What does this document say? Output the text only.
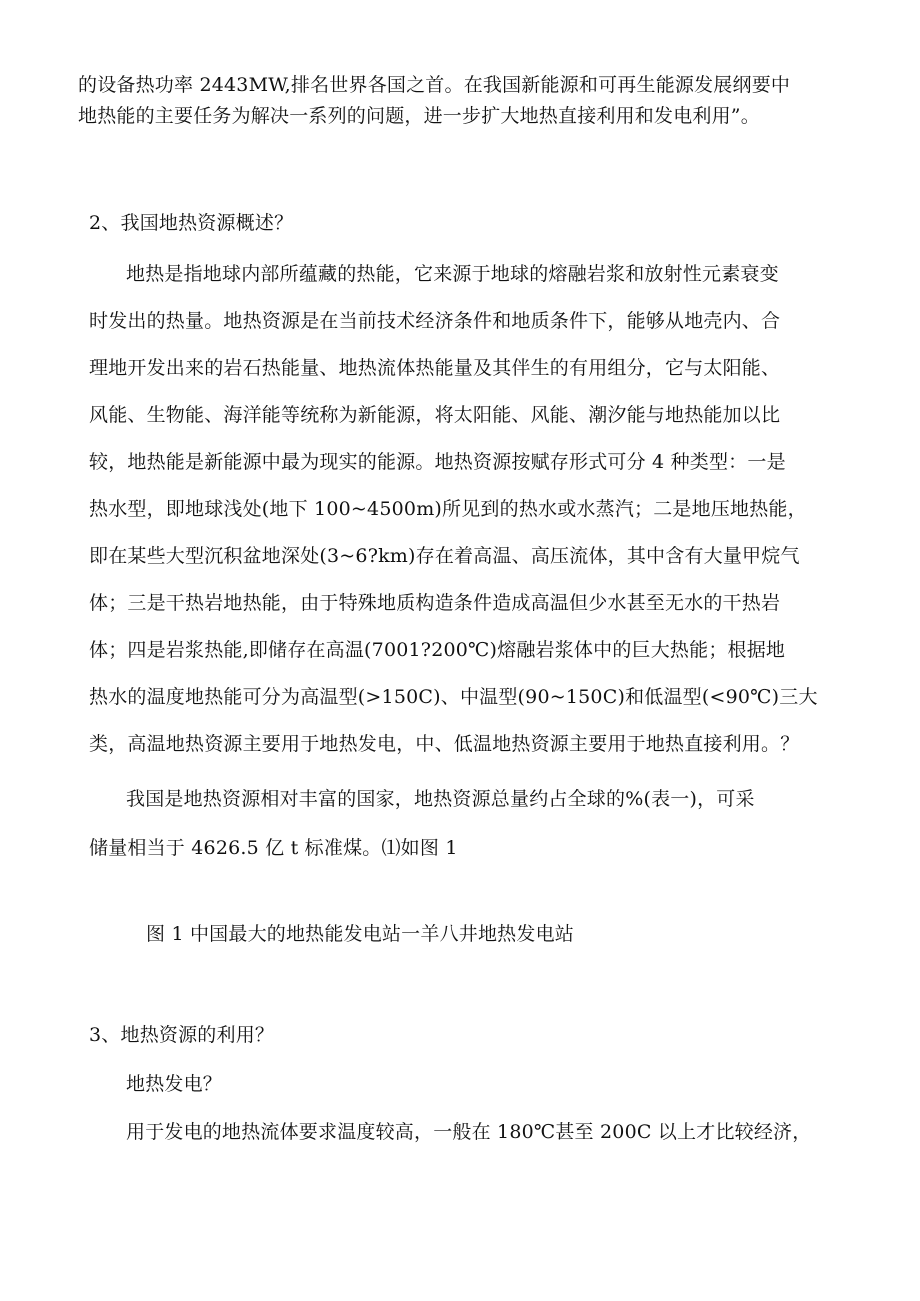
的设备热功率 2443MW,排名世界各国之首。在我国新能源和可再生能源发展纲要中
地热能的主要任务为解决一系列的问题，进一步扩大地热直接利用和发电利用”。
2、我国地热资源概述？
地热是指地球内部所蕴藏的热能，它来源于地球的熔融岩浆和放射性元素衰变
时发出的热量。地热资源是在当前技术经济条件和地质条件下，能够从地壳内、合
理地开发出来的岩石热能量、地热流体热能量及其伴生的有用组分，它与太阳能、
风能、生物能、海洋能等统称为新能源，将太阳能、风能、潮汐能与地热能加以比
较，地热能是新能源中最为现实的能源。地热资源按赋存形式可分 4 种类型：一是
热水型，即地球浅处(地下 100~4500m)所见到的热水或水蒸汽；二是地压地热能，
即在某些大型沉积盆地深处(3~6?km)存在着高温、高压流体，其中含有大量甲烷气
体；三是干热岩地热能，由于特殊地质构造条件造成高温但少水甚至无水的干热岩
体；四是岩浆热能,即储存在高温(7001?200℃)熔融岩浆体中的巨大热能；根据地
热水的温度地热能可分为高温型(>150C)、中温型(90~150C)和低温型(<90℃)三大
类，高温地热资源主要用于地热发电，中、低温地热资源主要用于地热直接利用。？
我国是地热资源相对丰富的国家，地热资源总量约占全球的%(表一)，可采
储量相当于 4626.5 亿 t 标准煤。⑴如图 1
图 1 中国最大的地热能发电站一羊八井地热发电站
3、地热资源的利用？
地热发电？
用于发电的地热流体要求温度较高，一般在 180℃甚至 200C 以上才比较经济，
